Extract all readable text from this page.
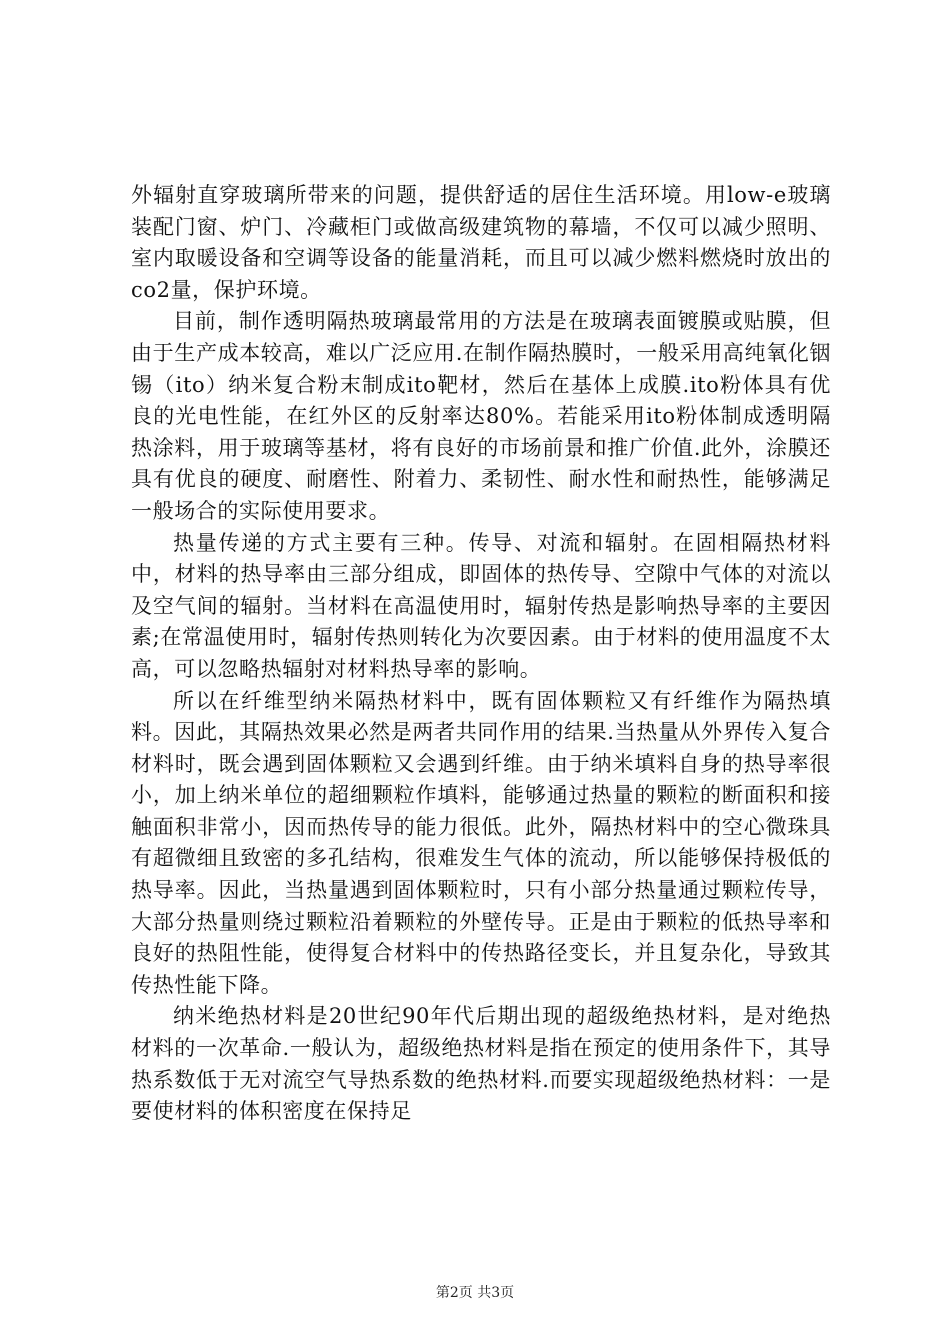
外辐射直穿玻璃所带来的问题，提供舒适的居住生活环境。用low-e玻璃装配门窗、炉门、冷藏柜门或做高级建筑物的幕墙，不仅可以减少照明、室内取暖设备和空调等设备的能量消耗，而且可以减少燃料燃烧时放出的co2量，保护环境。

目前，制作透明隔热玻璃最常用的方法是在玻璃表面镀膜或贴膜，但由于生产成本较高，难以广泛应用.在制作隔热膜时，一般采用高纯氧化铟锡（ito）纳米复合粉末制成ito靶材，然后在基体上成膜.ito粉体具有优良的光电性能，在红外区的反射率达80%。若能采用ito粉体制成透明隔热涂料，用于玻璃等基材，将有良好的市场前景和推广价值.此外，涂膜还具有优良的硬度、耐磨性、附着力、柔韧性、耐水性和耐热性，能够满足一般场合的实际使用要求。

热量传递的方式主要有三种。传导、对流和辐射。在固相隔热材料中，材料的热导率由三部分组成，即固体的热传导、空隙中气体的对流以及空气间的辐射。当材料在高温使用时，辐射传热是影响热导率的主要因素;在常温使用时，辐射传热则转化为次要因素。由于材料的使用温度不太高，可以忽略热辐射对材料热导率的影响。

所以在纤维型纳米隔热材料中，既有固体颗粒又有纤维作为隔热填料。因此，其隔热效果必然是两者共同作用的结果.当热量从外界传入复合材料时，既会遇到固体颗粒又会遇到纤维。由于纳米填料自身的热导率很小，加上纳米单位的超细颗粒作填料，能够通过热量的颗粒的断面积和接触面积非常小，因而热传导的能力很低。此外，隔热材料中的空心微珠具有超微细且致密的多孔结构，很难发生气体的流动，所以能够保持极低的热导率。因此，当热量遇到固体颗粒时，只有小部分热量通过颗粒传导，大部分热量则绕过颗粒沿着颗粒的外壁传导。正是由于颗粒的低热导率和良好的热阻性能，使得复合材料中的传热路径变长，并且复杂化，导致其传热性能下降。

纳米绝热材料是20世纪90年代后期出现的超级绝热材料，是对绝热材料的一次革命.一般认为，超级绝热材料是指在预定的使用条件下，其导热系数低于无对流空气导热系数的绝热材料.而要实现超级绝热材料：一是要使材料的体积密度在保持足

第2页 共3页
